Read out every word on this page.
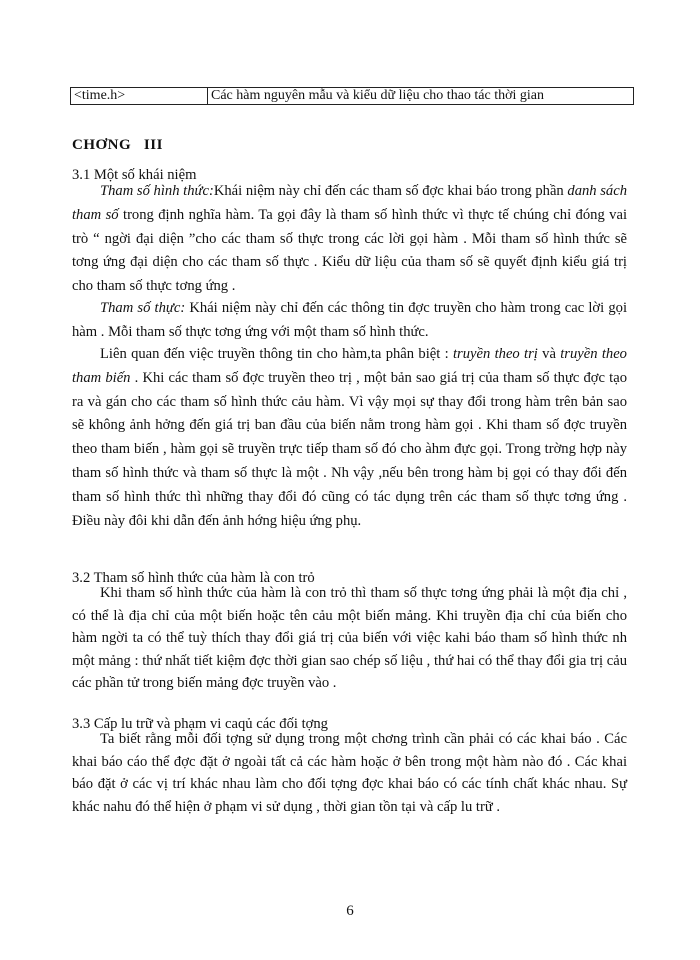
<time.h>	Các hàm nguyên mẫu và kiểu dữ liệu cho thao tác thời gian
CHƠNG   III
3.1 Một số khái niệm
Tham số hình thức:Khái niệm này chỉ đến các tham số đợc khai báo trong phần danh sách tham số trong định nghĩa hàm. Ta gọi đây là tham số hình thức vì thực tế chúng chỉ đóng vai trò “ ngời đại diện ”cho các tham số thực trong các lời gọi hàm . Mỗi tham số hình thức sẽ tơng ứng đại diện cho các tham số thực . Kiểu dữ liệu của tham số sẽ quyết định kiểu giá trị cho tham số thực tơng ứng .
Tham số thực: Khái niệm này chỉ đến các thông tin đợc truyền cho hàm trong cac lời gọi hàm . Mỗi tham số thực tơng ứng với một tham số hình thức.
Liên quan đến việc truyền thông tin cho hàm,ta phân biệt : truyền theo trị và truyền theo tham biến . Khi các tham số đợc truyền theo trị , một bản sao giá trị của tham số thực đợc tạo ra và gán cho các tham số hình thức cảu hàm. Vì vậy mọi sự thay đổi trong hàm trên bản sao sẽ không ảnh hởng đến giá trị ban đầu của biến nằm trong hàm gọi . Khi tham số đợc truyền theo tham biến , hàm gọi sẽ truyền trực tiếp tham số đó cho àhm đực gọi. Trong trờng hợp này tham số hình thức và tham số thực là một . Nh vậy ,nếu bên trong hàm bị gọi có thay đổi đến tham số hình thức thì những thay đổi đó cũng có tác dụng trên các tham số thực tơng ứng . Điều này đôi khi dẫn đến ảnh hớng hiệu ứng phụ.
3.2 Tham số hình thức của hàm là con trỏ
Khi tham số hình thức của hàm là con trỏ thì tham số thực tơng ứng phải là một địa chỉ , có thể là địa chỉ của một biến hoặc tên cảu một biến mảng. Khi truyền địa chỉ của biến cho hàm ngời ta có thể tuỳ thích thay đổi giá trị của biến với việc kahi báo tham số hình thức nh một mảng : thứ nhất tiết kiệm đợc thời gian sao chép số liệu , thứ hai có thể thay đổi gia trị cảu các phần tử trong biến mảng đợc truyền vào .
3.3 Cấp lu trữ và phạm vi caqủ các đối tợng
Ta biết rằng mỗi đối tợng sử dụng trong một chơng trình cần phải có các khai báo . Các khai báo cáo thể đợc đặt ở ngoài tất cả các hàm hoặc ở bên trong một hàm nào đó . Các khai báo đặt ở các vị trí khác nhau làm cho đối tợng đợc khai báo có các tính chất khác nhau. Sự khác nahu đó thể hiện ở phạm vi sử dụng , thời gian tồn tại và cấp lu trữ .
6
